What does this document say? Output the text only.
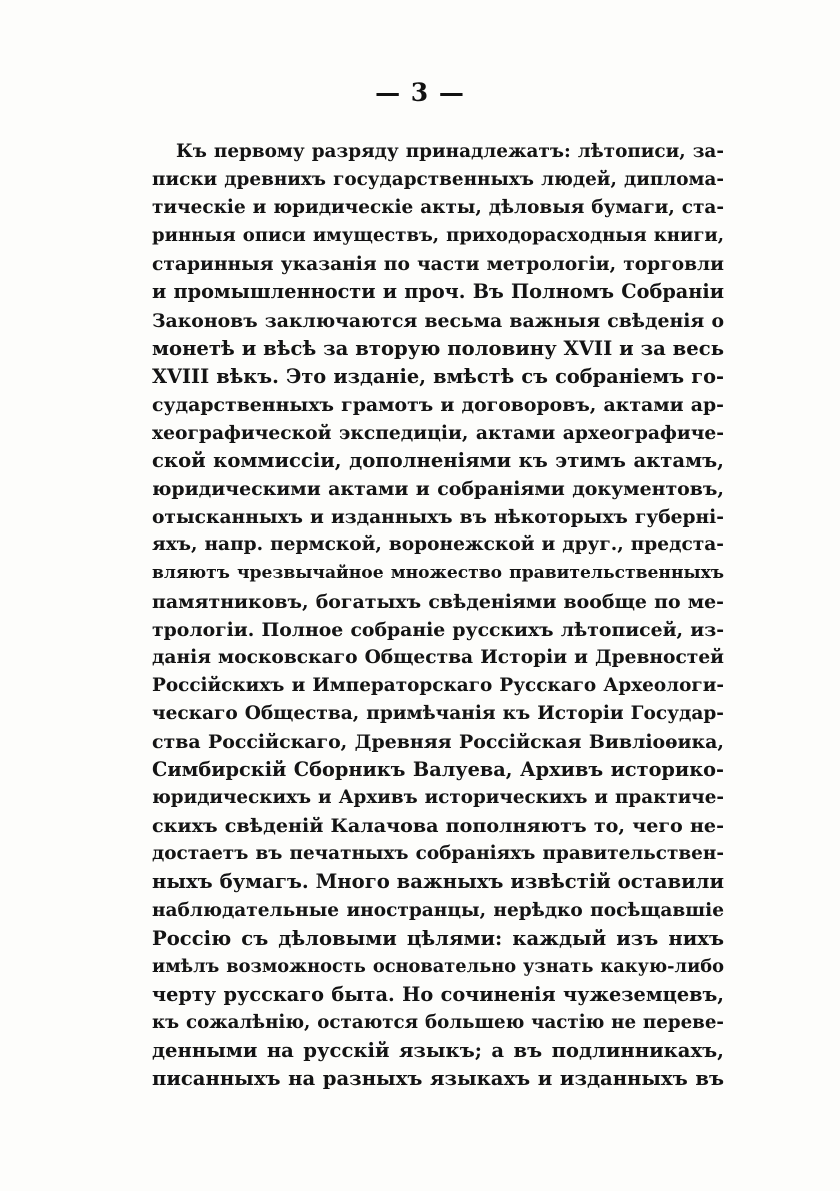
— 3 —
Къ первому разряду принадлежатъ: лѣтописи, за-
писки древнихъ государственныхъ людей, диплома-
тическіе и юридическіе акты, дѣловыя бумаги, ста-
ринныя описи имуществъ, приходорасходныя книги,
старинныя указанія по части метрологіи, торговли
и промышленности и проч. Въ Полномъ Собраніи
Законовъ заключаются весьма важныя свѣденія о
монетѣ и вѣсѣ за вторую половину XVII и за весь
XVIII вѣкъ. Это изданіе, вмѣстѣ съ собраніемъ го-
сударственныхъ грамотъ и договоровъ, актами ар-
хеографической экспедиціи, актами археографиче-
ской коммиссіи, дополненіями къ этимъ актамъ,
юридическими актами и собраніями документовъ,
отысканныхъ и изданныхъ въ нѣкоторыхъ губерні-
яхъ, напр. пермской, воронежской и друг., предста-
вляютъ чрезвычайное множество правительственныхъ
памятниковъ, богатыхъ свѣденіями вообще по ме-
трологіи. Полное собраніе русскихъ лѣтописей, из-
данія московскаго Общества Исторіи и Древностей
Россійскихъ и Императорскаго Русскаго Археологи-
ческаго Общества, примѣчанія къ Исторіи Государ-
ства Россійскаго, Древняя Россійская Вивліоѳика,
Симбирскій Сборникъ Валуева, Архивъ историко-
юридическихъ и Архивъ историческихъ и практиче-
скихъ свѣденій Калачова пополняютъ то, чего не-
достаетъ въ печатныхъ собраніяхъ правительствен-
ныхъ бумагъ. Много важныхъ извѣстій оставили
наблюдательные иностранцы, нерѣдко посѣщавшіе
Россію съ дѣловыми цѣлями: каждый изъ нихъ
имѣлъ возможность основательно узнать какую-либо
черту русскаго быта. Но сочиненія чужеземцевъ,
къ сожалѣнію, остаются большею частію не переве-
денными на русскій языкъ; а въ подлинникахъ,
писанныхъ на разныхъ языкахъ и изданныхъ въ
